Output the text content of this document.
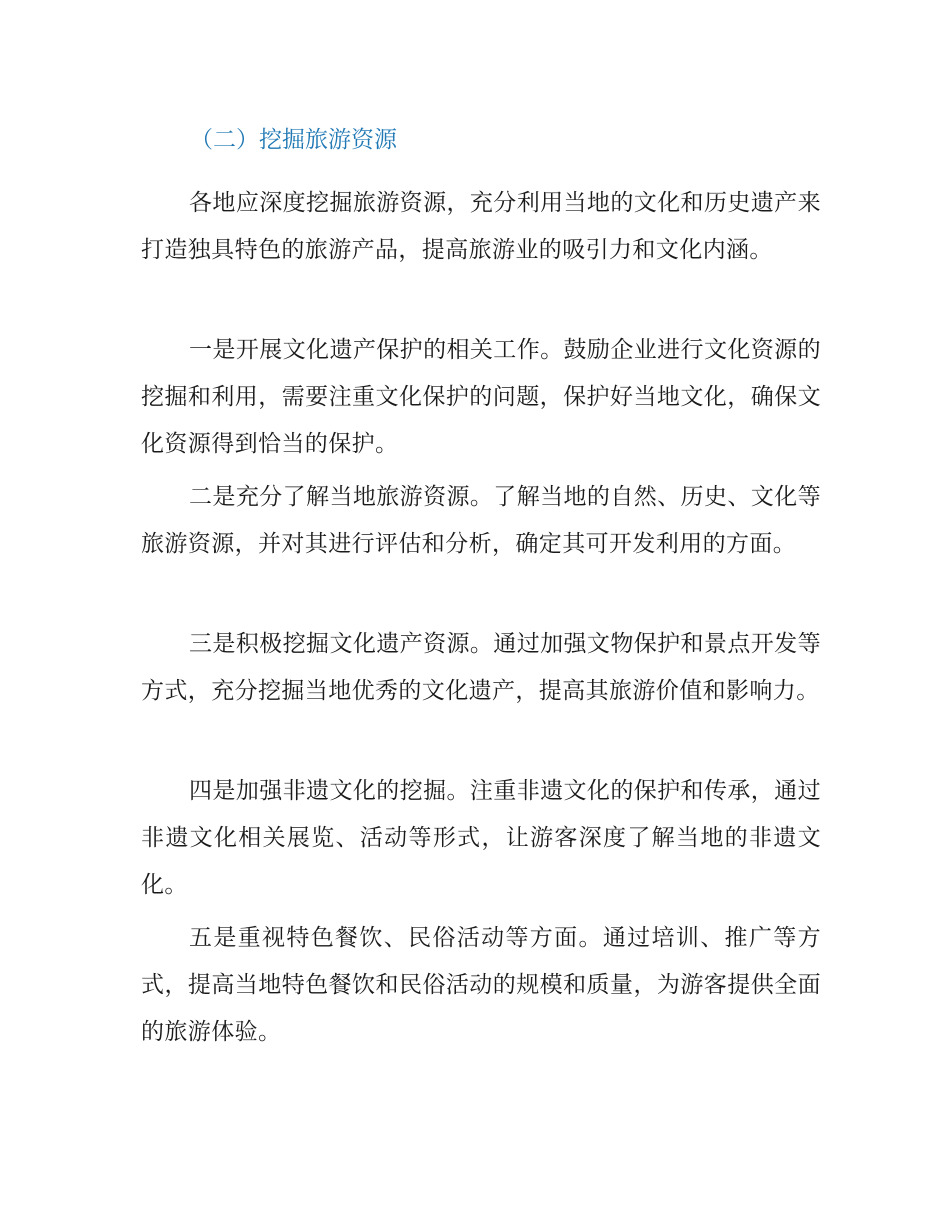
（二）挖掘旅游资源

各地应深度挖掘旅游资源，充分利用当地的文化和历史遗产来打造独具特色的旅游产品，提高旅游业的吸引力和文化内涵。

一是开展文化遗产保护的相关工作。鼓励企业进行文化资源的挖掘和利用，需要注重文化保护的问题，保护好当地文化，确保文化资源得到恰当的保护。

二是充分了解当地旅游资源。了解当地的自然、历史、文化等旅游资源，并对其进行评估和分析，确定其可开发利用的方面。

三是积极挖掘文化遗产资源。通过加强文物保护和景点开发等方式，充分挖掘当地优秀的文化遗产，提高其旅游价值和影响力。

四是加强非遗文化的挖掘。注重非遗文化的保护和传承，通过非遗文化相关展览、活动等形式，让游客深度了解当地的非遗文化。

五是重视特色餐饮、民俗活动等方面。通过培训、推广等方式，提高当地特色餐饮和民俗活动的规模和质量，为游客提供全面的旅游体验。
